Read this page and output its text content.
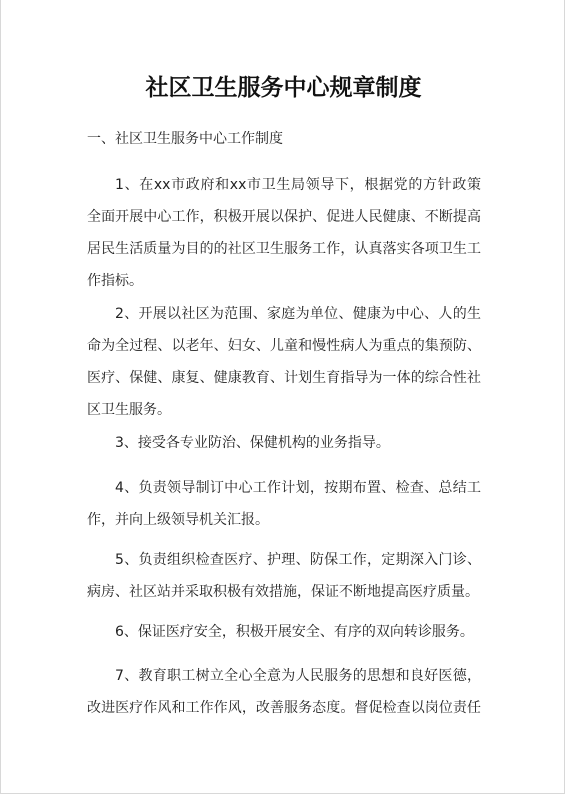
社区卫生服务中心规章制度

一、社区卫生服务中心工作制度

1、在xx市政府和xx市卫生局领导下，根据党的方针政策
全面开展中心工作，积极开展以保护、促进人民健康、不断提高
居民生活质量为目的的社区卫生服务工作，认真落实各项卫生工
作指标。
2、开展以社区为范围、家庭为单位、健康为中心、人的生
命为全过程、以老年、妇女、儿童和慢性病人为重点的集预防、
医疗、保健、康复、健康教育、计划生育指导为一体的综合性社
区卫生服务。
3、接受各专业防治、保健机构的业务指导。
4、负责领导制订中心工作计划，按期布置、检查、总结工
作，并向上级领导机关汇报。
5、负责组织检查医疗、护理、防保工作，定期深入门诊、
病房、社区站并采取积极有效措施，保证不断地提高医疗质量。
6、保证医疗安全，积极开展安全、有序的双向转诊服务。
7、教育职工树立全心全意为人民服务的思想和良好医德，
改进医疗作风和工作作风，改善服务态度。督促检查以岗位责任
